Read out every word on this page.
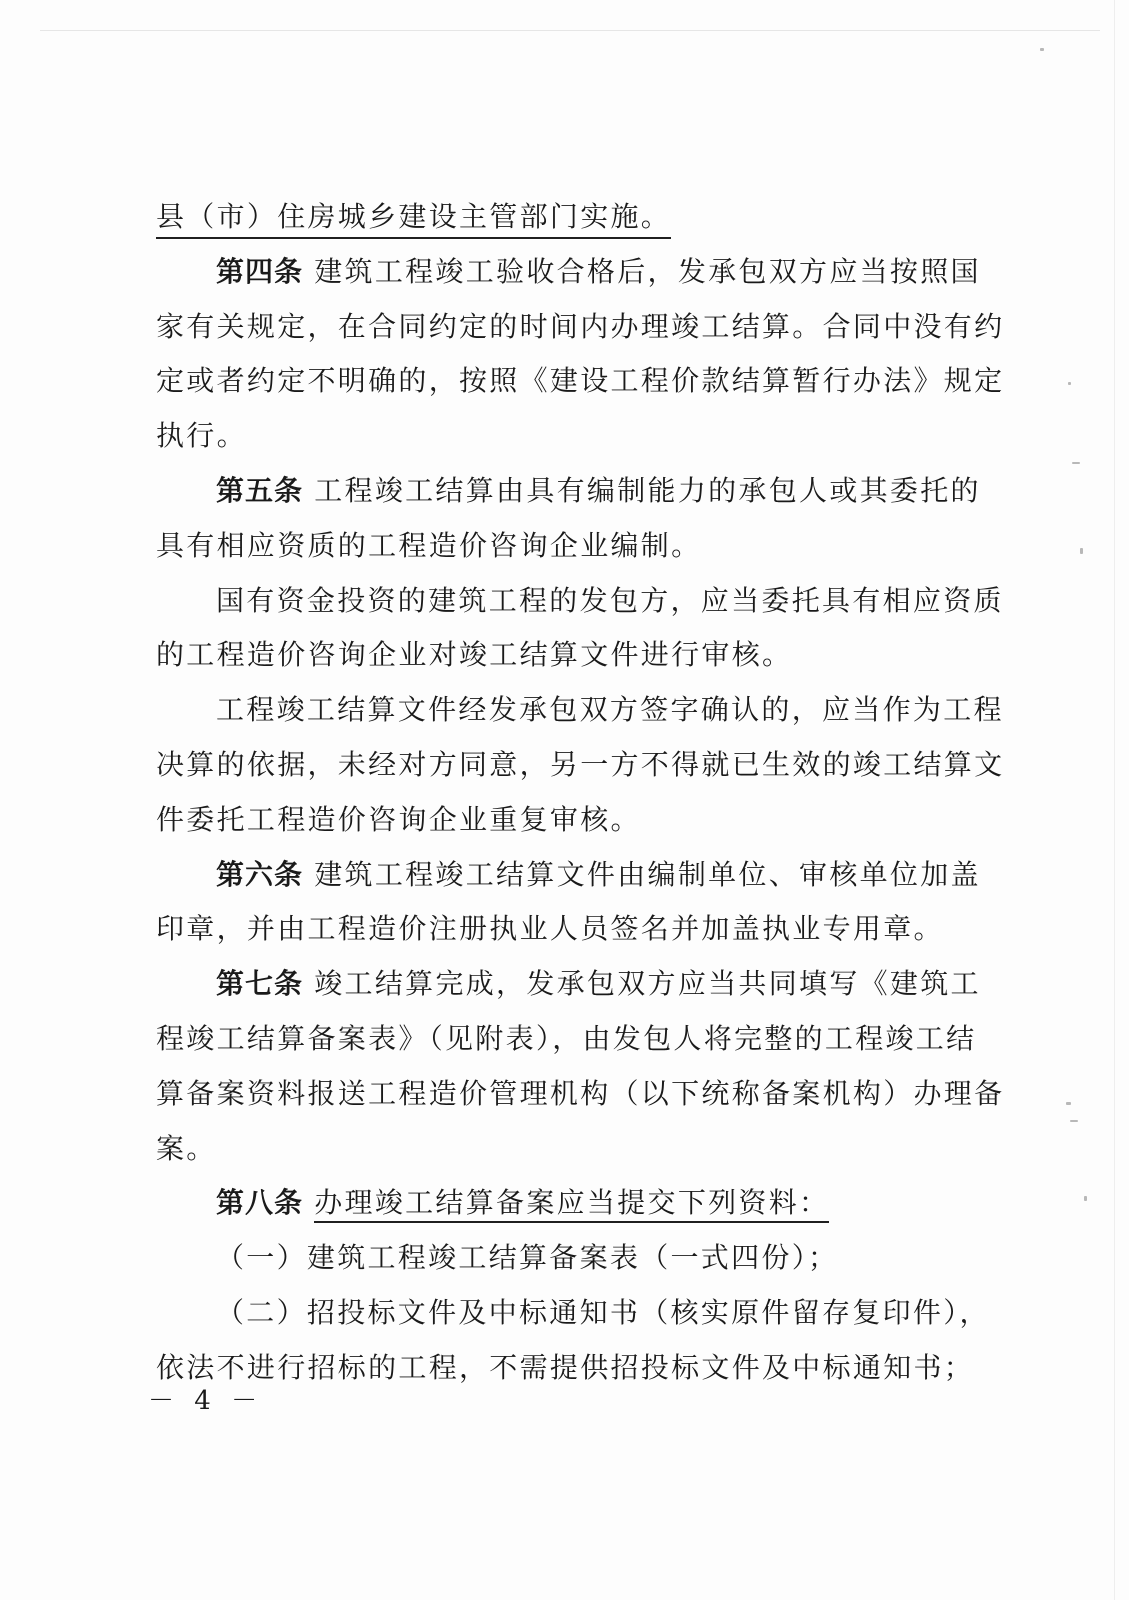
县（市）住房城乡建设主管部门实施。
第四条 建筑工程竣工验收合格后，发承包双方应当按照国
家有关规定，在合同约定的时间内办理竣工结算。合同中没有约
定或者约定不明确的，按照《建设工程价款结算暂行办法》规定
执行。
第五条 工程竣工结算由具有编制能力的承包人或其委托的
具有相应资质的工程造价咨询企业编制。
国有资金投资的建筑工程的发包方，应当委托具有相应资质
的工程造价咨询企业对竣工结算文件进行审核。
工程竣工结算文件经发承包双方签字确认的，应当作为工程
决算的依据，未经对方同意，另一方不得就已生效的竣工结算文
件委托工程造价咨询企业重复审核。
第六条 建筑工程竣工结算文件由编制单位、审核单位加盖
印章，并由工程造价注册执业人员签名并加盖执业专用章。
第七条 竣工结算完成，发承包双方应当共同填写《建筑工
程竣工结算备案表》（见附表），由发包人将完整的工程竣工结
算备案资料报送工程造价管理机构（以下统称备案机构）办理备
案。
第八条 办理竣工结算备案应当提交下列资料：
（一）建筑工程竣工结算备案表（一式四份）；
（二）招投标文件及中标通知书（核实原件留存复印件），
依法不进行招标的工程，不需提供招投标文件及中标通知书；
－ 4 －
